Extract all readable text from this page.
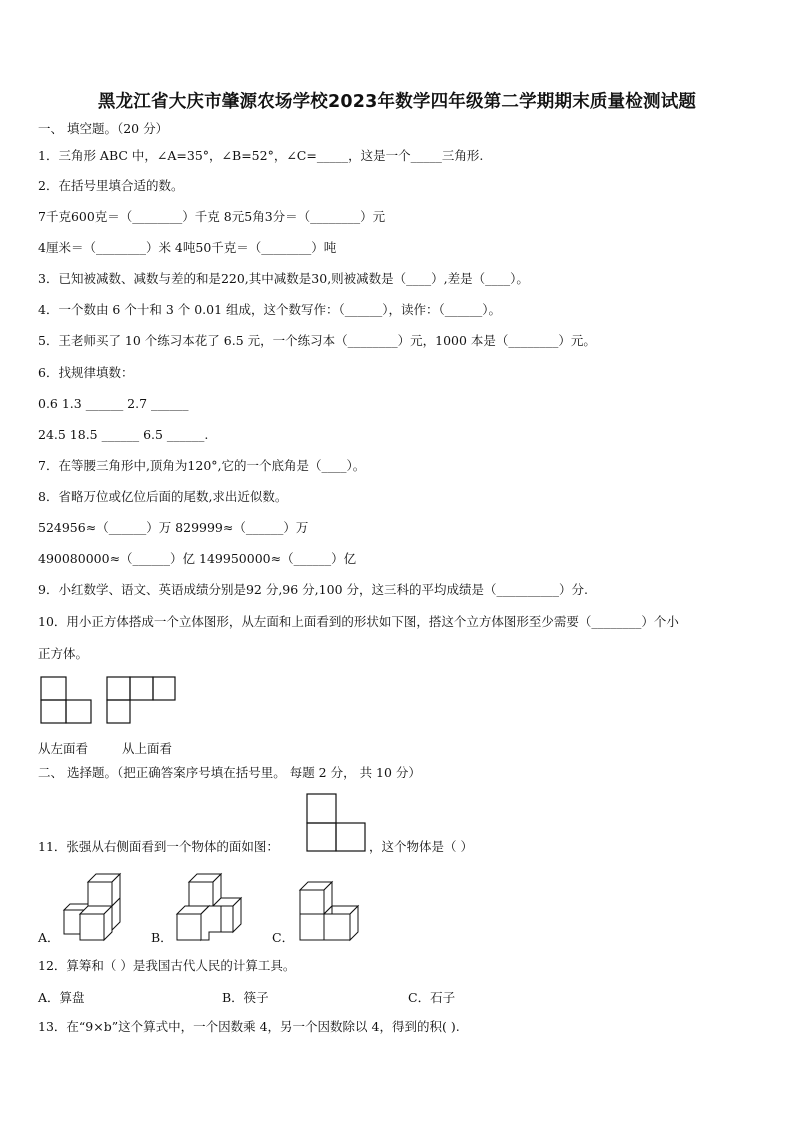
黑龙江省大庆市肇源农场学校2023年数学四年级第二学期期末质量检测试题
一、 填空题。（20 分）
1．三角形 ABC 中，∠A=35°，∠B=52°，∠C=_____，这是一个_____三角形.
2．在括号里填合适的数。
7千克600克＝（________）千克 8元5角3分＝（________）元
4厘米＝（________）米 4吨50千克＝（________）吨
3．已知被减数、减数与差的和是220,其中减数是30,则被减数是（____）,差是（____）。
4．一个数由 6 个十和 3 个 0.01 组成，这个数写作：（______），读作：（______）。
5．王老师买了 10 个练习本花了 6.5 元，一个练习本（________）元，1000 本是（________）元。
6．找规律填数：
0.6 1.3 ______ 2.7 ______
24.5 18.5 ______ 6.5 ______.
7．在等腰三角形中,顶角为120°,它的一个底角是（____）。
8．省略万位或亿位后面的尾数,求出近似数。
524956≈（______）万 829999≈（______）万
490080000≈（______）亿 149950000≈（______）亿
9．小红数学、语文、英语成绩分别是92 分,96 分,100 分，这三科的平均成绩是（__________）分.
10．用小正方体搭成一个立体图形，从左面和上面看到的形状如下图，搭这个立方体图形至少需要（________）个小
正方体。
从左面看	从上面看
二、 选择题。（把正确答案序号填在括号里。 每题 2 分， 共 10 分）
11．张强从右侧面看到一个物体的面如图：	，这个物体是（ ）
A．	B．	C．
12．算筹和（ ）是我国古代人民的计算工具。
A．算盘	B．筷子	C．石子
13．在“9×b”这个算式中，一个因数乘 4，另一个因数除以 4，得到的积( ).
